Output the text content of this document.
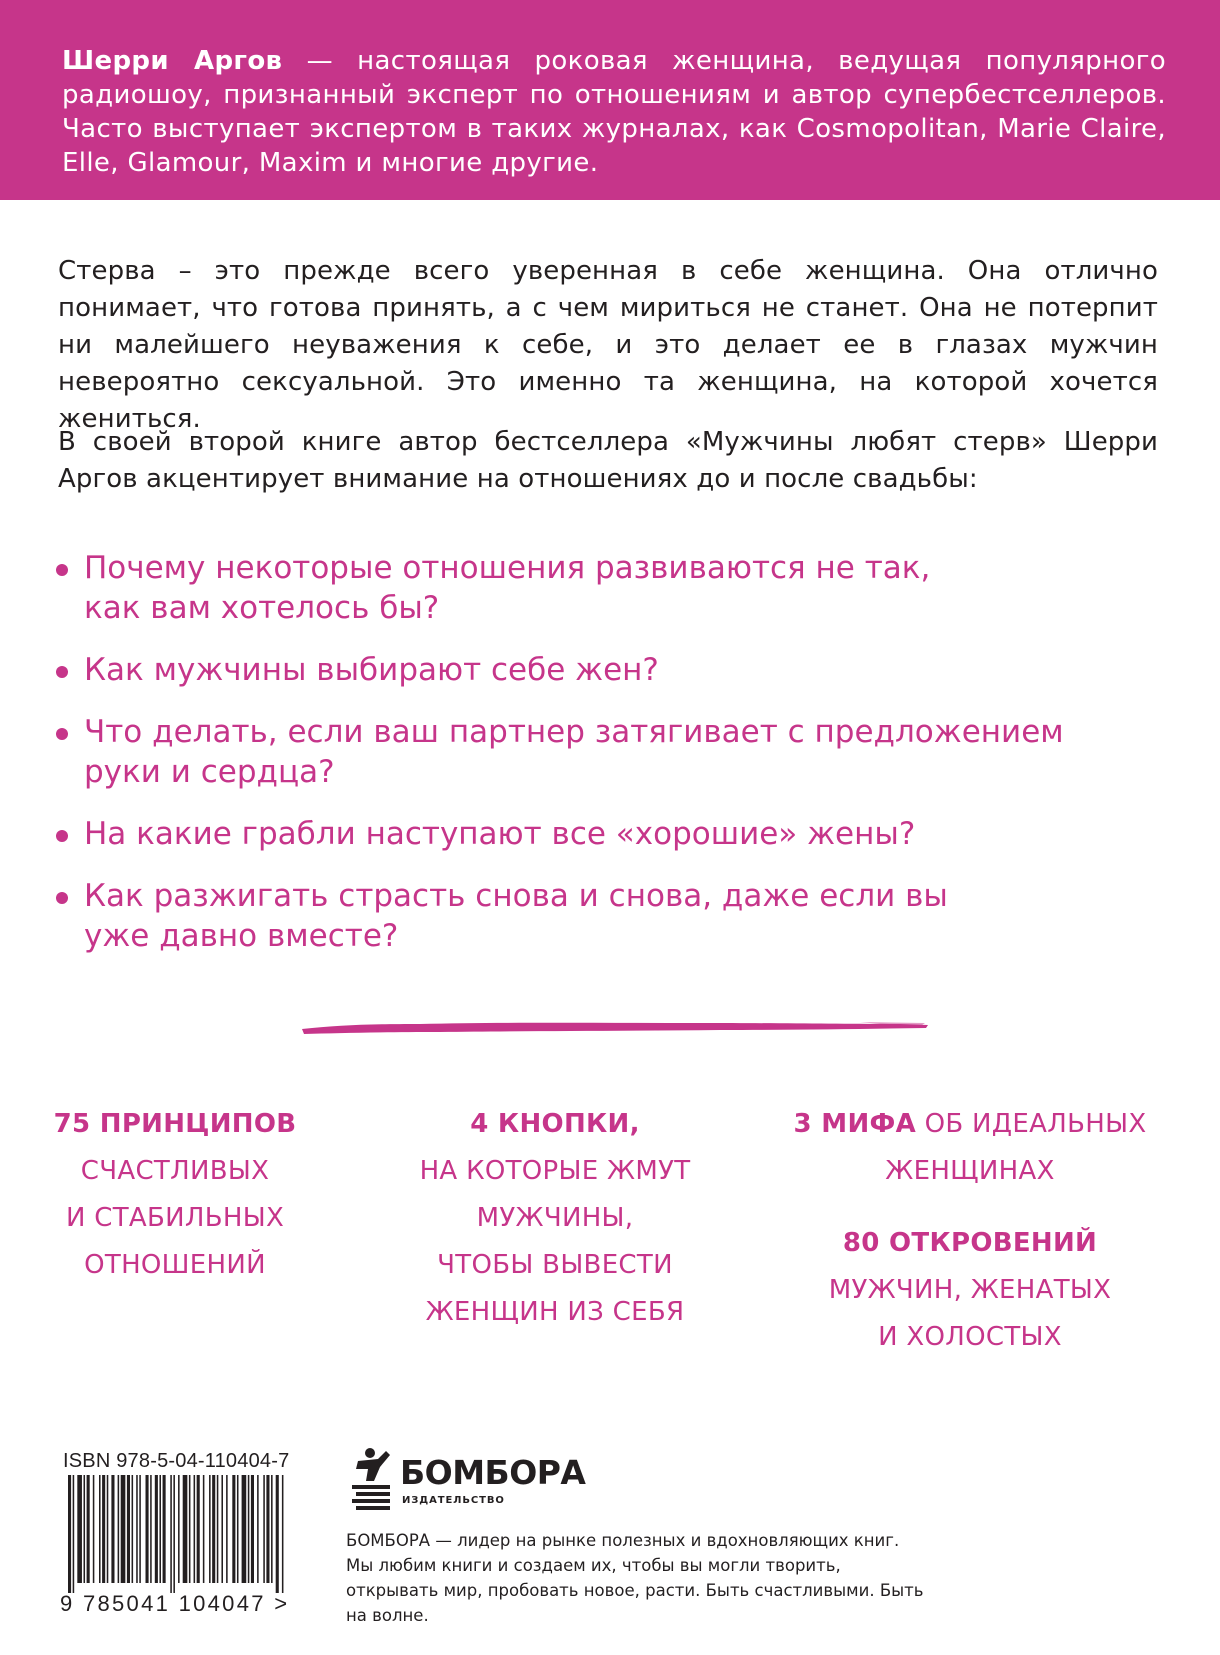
Шерри Аргов — настоящая роковая женщина, ведущая популярного радиошоу, признанный эксперт по отношениям и автор супербестселлеров. Часто выступает экспертом в таких журналах, как Cosmopolitan, Marie Claire, Elle, Glamour, Maxim и многие другие.

Стерва – это прежде всего уверенная в себе женщина. Она отлично понимает, что готова принять, а с чем мириться не станет. Она не потерпит ни малейшего неуважения к себе, и это делает ее в глазах мужчин невероятно сексуальной. Это именно та женщина, на которой хочется жениться.

В своей второй книге автор бестселлера «Мужчины любят стерв» Шерри Аргов акцентирует внимание на отношениях до и после свадьбы:

Почему некоторые отношения развиваются не так,
как вам хотелось бы?
Как мужчины выбирают себе жен?
Что делать, если ваш партнер затягивает с предложением
руки и сердца?
На какие грабли наступают все «хорошие» жены?
Как разжигать страсть снова и снова, даже если вы
уже давно вместе?
75 ПРИНЦИПОВ
СЧАСТЛИВЫХ
И СТАБИЛЬНЫХ
ОТНОШЕНИЙ
4 КНОПКИ,
НА КОТОРЫЕ ЖМУТ
МУЖЧИНЫ,
ЧТОБЫ ВЫВЕСТИ
ЖЕНЩИН ИЗ СЕБЯ
3 МИФА ОБ ИДЕАЛЬНЫХ
ЖЕНЩИНАХ
80 ОТКРОВЕНИЙ
МУЖЧИН, ЖЕНАТЫХ
И ХОЛОСТЫХ
ISBN 978-5-04-110404-7
9 785041 104047 >
БОМБОРА
ИЗДАТЕЛЬСТВО

БОМБОРА — лидер на рынке полезных и вдохновляющих книг. Мы любим книги и создаем их, чтобы вы могли творить, открывать мир, пробовать новое, расти. Быть счастливыми. Быть на волне.
